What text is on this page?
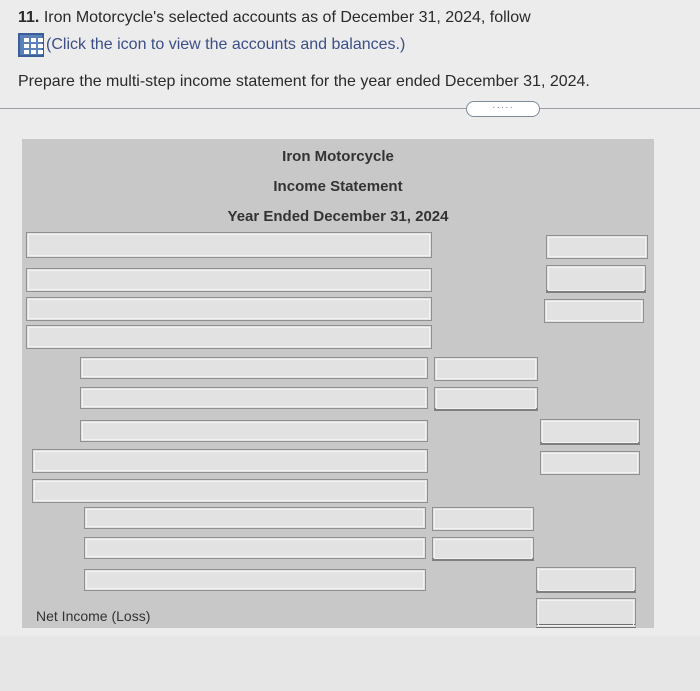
11. Iron Motorcycle's selected accounts as of December 31, 2024, follow
(Click the icon to view the accounts and balances.)
Prepare the multi-step income statement for the year ended December 31, 2024.
·····
Iron Motorcycle
Income Statement
Year Ended December 31, 2024
Net Income (Loss)
